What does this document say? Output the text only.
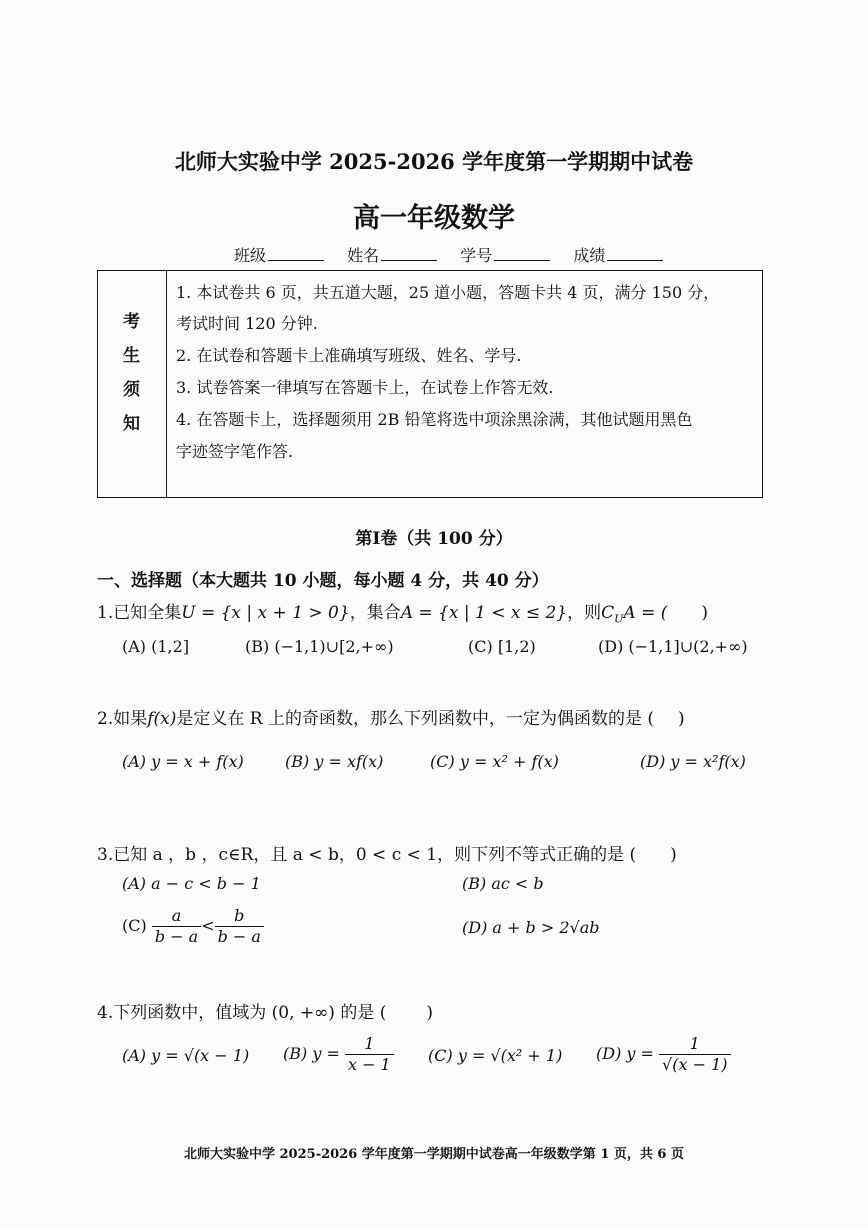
北师大实验中学 2025-2026 学年度第一学期期中试卷
高一年级数学
班级	姓名	学号	成绩
考
生
须
知
1. 本试卷共 6 页，共五道大题，25 道小题，答题卡共 4 页，满分 150 分，
考试时间 120 分钟.
2. 在试卷和答题卡上准确填写班级、姓名、学号.
3. 试卷答案一律填写在答题卡上，在试卷上作答无效.
4. 在答题卡上，选择题须用 2B 铅笔将选中项涂黑涂满，其他试题用黑色
字迹签字笔作答.
第Ⅰ卷（共 100 分）
一、选择题（本大题共 10 小题，每小题 4 分，共 40 分）
1.已知全集U = {x | x + 1 > 0}，集合A = {x | 1 < x ≤ 2}，则$C_UA$ = ( )
(A) (1,2]	(B) (−1,1)∪[2,+∞)	(C) [1,2)	(D) (−1,1]∪(2,+∞)
2.如果f(x)是定义在 R 上的奇函数，那么下列函数中，一定为偶函数的是 ( )
(A) y = x + f(x)	(B) y = xf(x)	(C) y = x² + f(x)	(D) y = x²f(x)
3.已知 a ，b ，c∈R，且 a < b，0 < c < 1，则下列不等式正确的是 ( )
(A) a − c < b − 1	(B) ac < b
$(C) \frac{a}{b - a} < \frac{b}{b - a}$	(D) a + b > 2√ab
4.下列函数中，值域为 (0, +∞) 的是 ( )
(A) y = √(x − 1) (B) $y = \frac{1}{x - 1} (C) y = √(x^2 + 1)$ (D) $y = \frac{1}{√(x - 1)}$
北师大实验中学 2025-2026 学年度第一学期期中试卷高一年级数学第 1 页，共 6 页
